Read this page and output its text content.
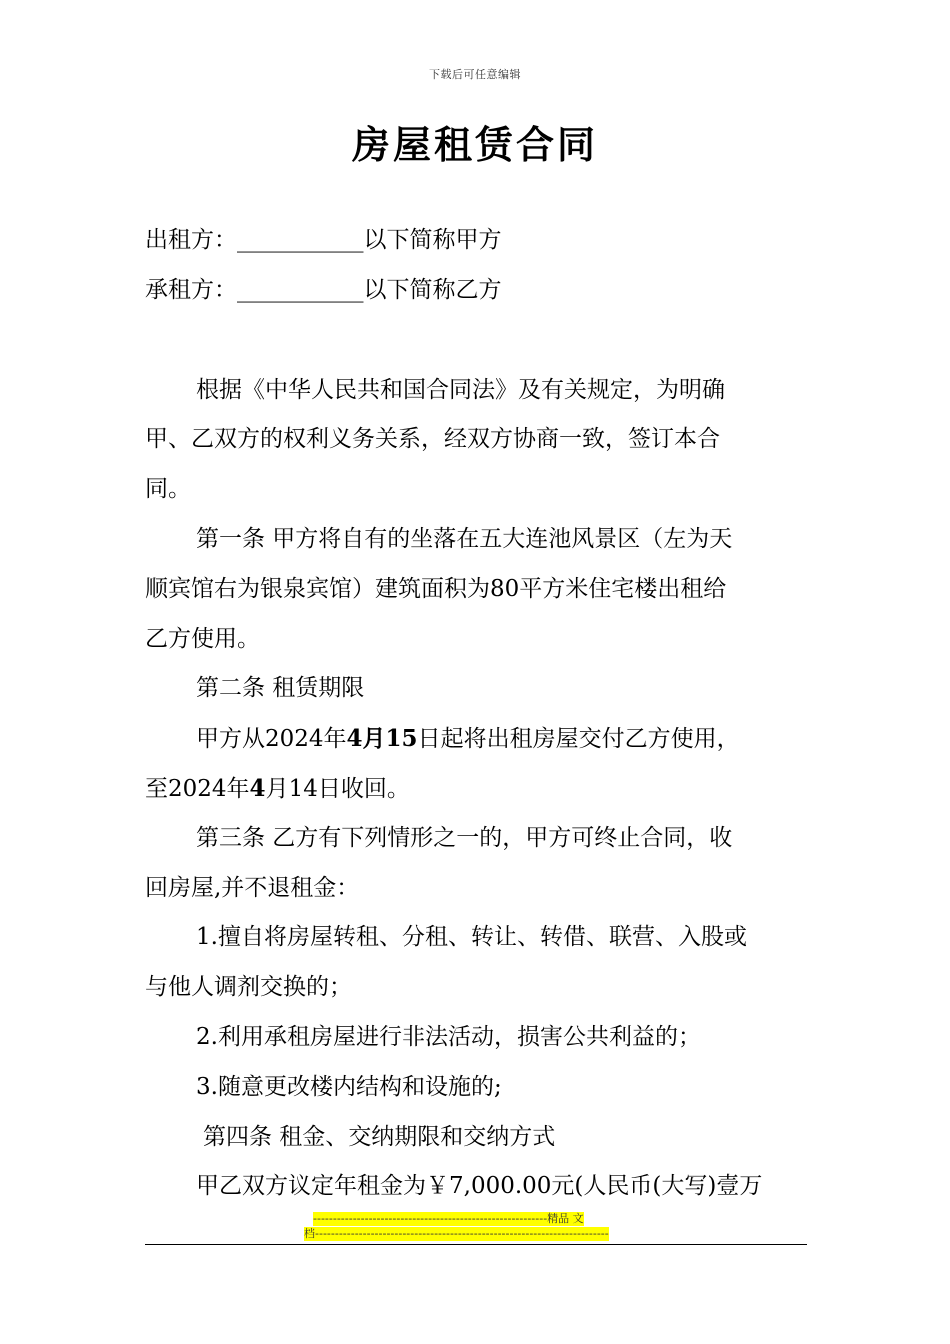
下载后可任意编辑
房屋租赁合同
出租方：___________以下简称甲方
承租方：___________以下简称乙方
根据《中华人民共和国合同法》及有关规定，为明确
甲、乙双方的权利义务关系，经双方协商一致，签订本合
同。
第一条 甲方将自有的坐落在五大连池风景区（左为天
顺宾馆右为银泉宾馆）建筑面积为80平方米住宅楼出租给
乙方使用。
第二条 租赁期限
甲方从2024年4月15日起将出租房屋交付乙方使用，
至2024年4月14日收回。
第三条 乙方有下列情形之一的，甲方可终止合同，收
回房屋,并不退租金：
1.擅自将房屋转租、分租、转让、转借、联营、入股或
与他人调剂交换的；
2.利用承租房屋进行非法活动，损害公共利益的；
3.随意更改楼内结构和设施的;
第四条 租金、交纳期限和交纳方式
甲乙双方议定年租金为￥7,000.00元(人民币(大写)壹万
-----------------------------------------------------------精品 文
档--------------------------------------------------------------------------
